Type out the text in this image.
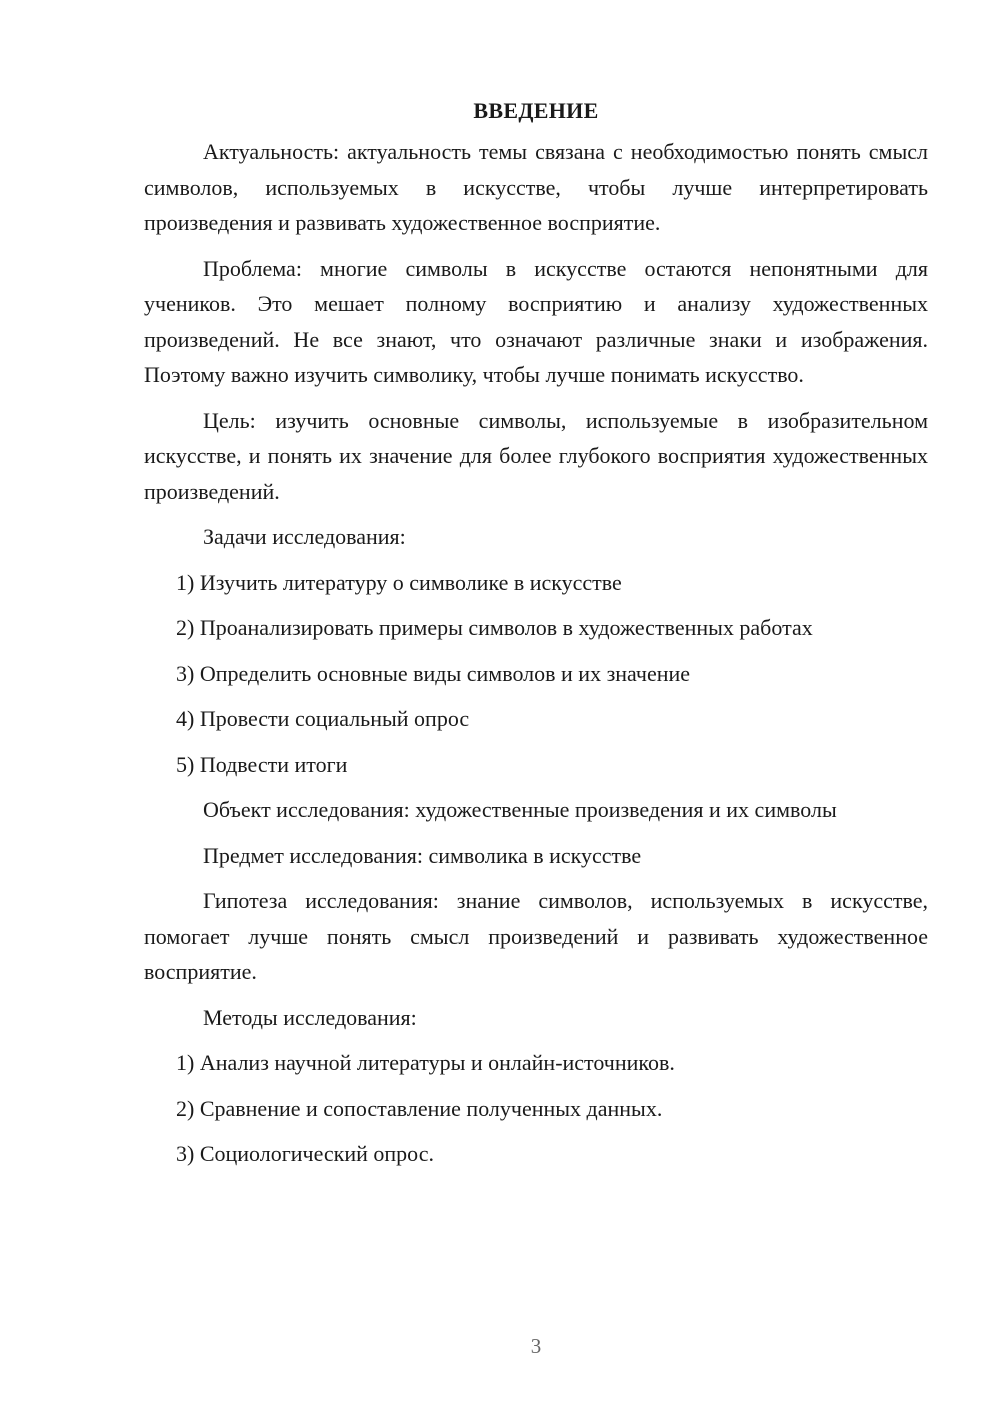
ВВЕДЕНИЕ

Актуальность: актуальность темы связана с необходимостью понять смысл символов, используемых в искусстве, чтобы лучше интерпретировать произведения и развивать художественное восприятие.

Проблема: многие символы в искусстве остаются непонятными для учеников. Это мешает полному восприятию и анализу художественных произведений. Не все знают, что означают различные знаки и изображения. Поэтому важно изучить символику, чтобы лучше понимать искусство.

Цель: изучить основные символы, используемые в изобразительном искусстве, и понять их значение для более глубокого восприятия художественных произведений.

Задачи исследования:

1) Изучить литературу о символике в искусстве
2) Проанализировать примеры символов в художественных работах
3) Определить основные виды символов и их значение
4) Провести социальный опрос
5) Подвести итоги

Объект исследования: художественные произведения и их символы

Предмет исследования: символика в искусстве

Гипотеза исследования: знание символов, используемых в искусстве, помогает лучше понять смысл произведений и развивать художественное восприятие.

Методы исследования:

1) Анализ научной литературы и онлайн-источников.
2) Сравнение и сопоставление полученных данных.
3) Социологический опрос.
3
